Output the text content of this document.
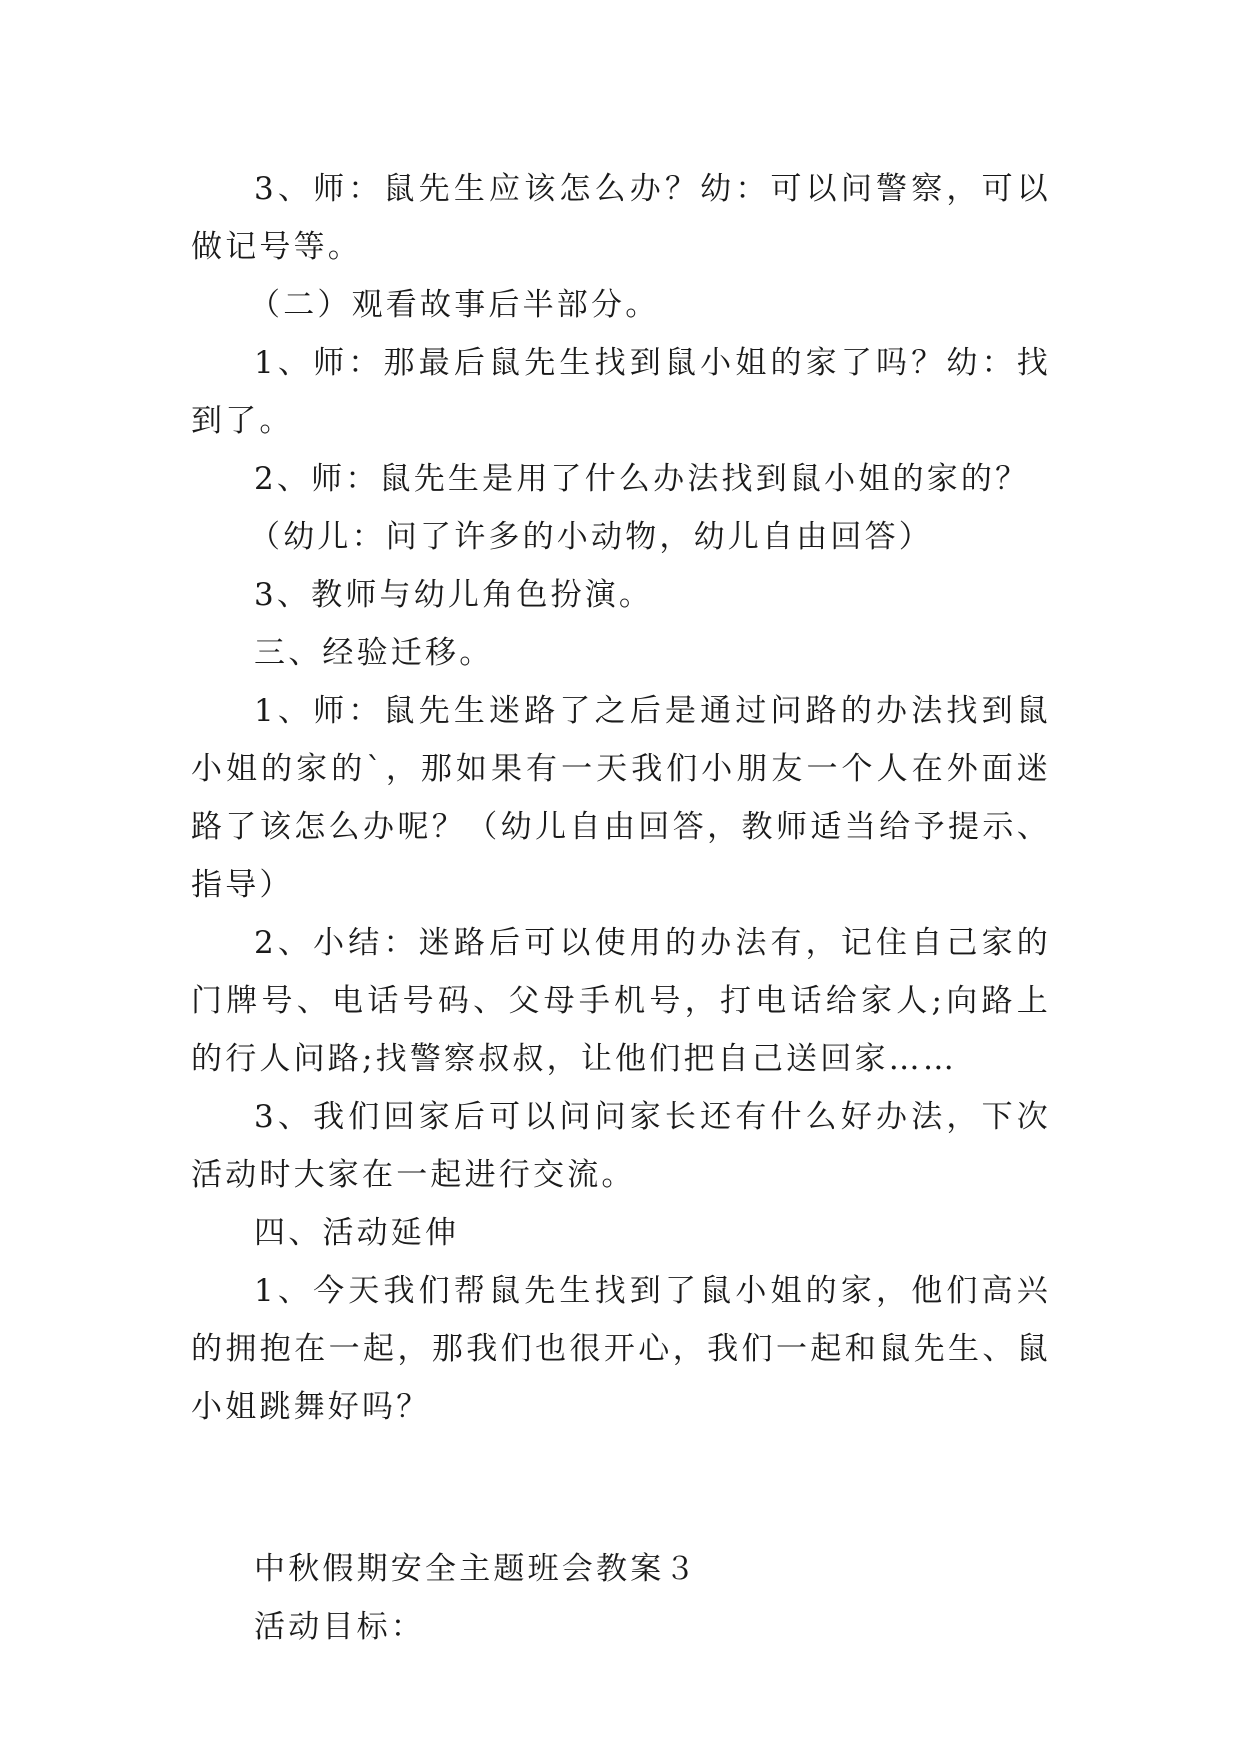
3、师：鼠先生应该怎么办？幼：可以问警察，可以做记号等。

（二）观看故事后半部分。

1、师：那最后鼠先生找到鼠小姐的家了吗？幼：找到了。

2、师：鼠先生是用了什么办法找到鼠小姐的家的？

（幼儿：问了许多的小动物，幼儿自由回答）

3、教师与幼儿角色扮演。

三、经验迁移。

1、师：鼠先生迷路了之后是通过问路的办法找到鼠小姐的家的`，那如果有一天我们小朋友一个人在外面迷路了该怎么办呢？（幼儿自由回答，教师适当给予提示、指导）

2、小结：迷路后可以使用的办法有，记住自己家的门牌号、电话号码、父母手机号，打电话给家人;向路上的行人问路;找警察叔叔，让他们把自己送回家……

3、我们回家后可以问问家长还有什么好办法，下次活动时大家在一起进行交流。

四、活动延伸

1、今天我们帮鼠先生找到了鼠小姐的家，他们高兴的拥抱在一起，那我们也很开心，我们一起和鼠先生、鼠小姐跳舞好吗？

中秋假期安全主题班会教案３

活动目标：
